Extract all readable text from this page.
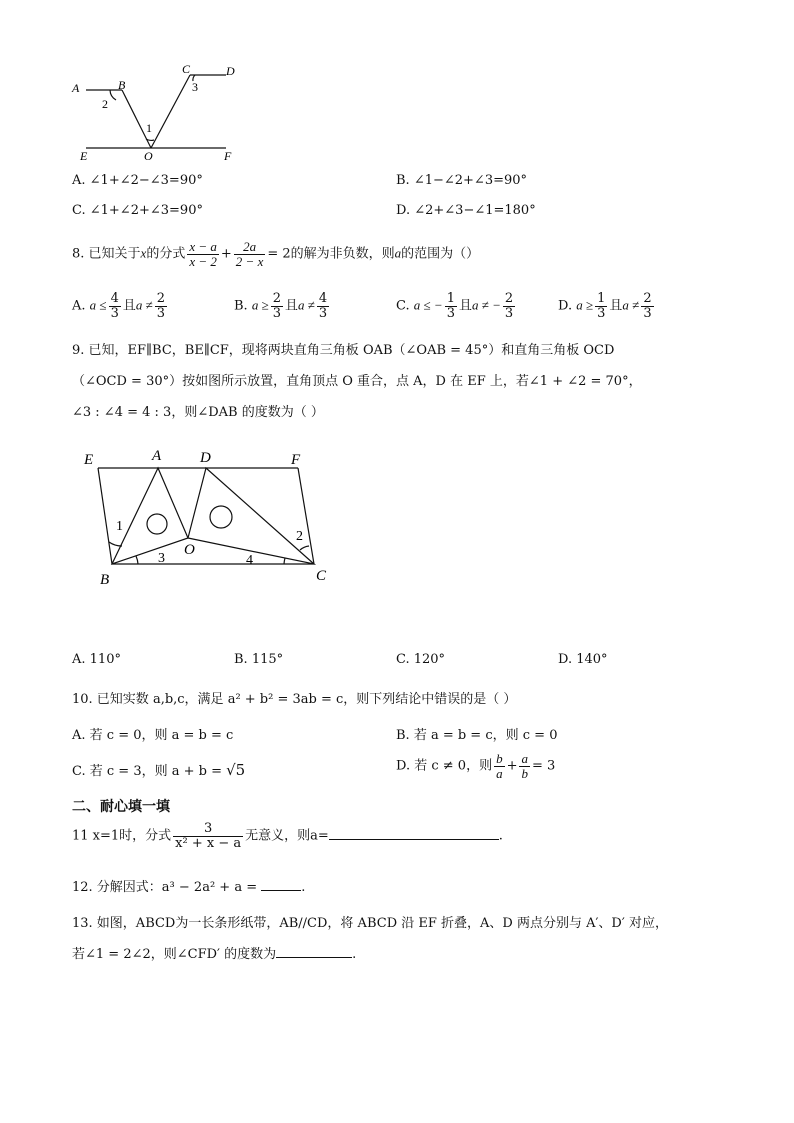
A	B
C	D
E	O	F
1
2
3
A. ∠1+∠2−∠3=90°	B. ∠1−∠2+∠3=90°
C. ∠1+∠2+∠3=90°	D. ∠2+∠3−∠1=180°
8. 已知关于x的分式 $\frac{x - a}{x - 2} + \frac{2a}{2 - x} = 2$的解为非负数，则a的范围为（）
A. $a \le \frac{4}{3}$ 且$a \ne \frac{2}{3}$	B. $a \ge \frac{2}{3}$ 且$a \ne \frac{4}{3}$	C. a ≤ − $\frac{1}{3}$ 且a ≠ − $\frac{2}{3}$	D. $a \ge \frac{1}{3}$ 且$a \ne \frac{2}{3}$
9. 已知，EF∥BC，BE∥CF，现将两块直角三角板 OAB（∠OAB = 45°）和直角三角板 OCD
（∠OCD = 30°）按如图所示放置，直角顶点 O 重合，点 A，D 在 EF 上，若∠1 + ∠2 = 70°，
∠3 : ∠4 = 4 : 3，则∠DAB 的度数为（ ）
E	A	D	F
B
O
C
1
2
3	4
A. 110°	B. 115°	C. 120°	D. 140°
10. 已知实数 a,b,c，满足 a² + b² = 3ab = c，则下列结论中错误的是（ ）
A. 若 c = 0，则 a = b = c	B. 若 a = b = c，则 c = 0
C. 若 c = 3，则 a + b = √5	D. 若 c ≠ 0，则 $\frac{b}{a} + \frac{a}{b} = 3$
二、耐心填一填
11 x=1时，分式 $\frac{3}{\text{x² + x − a}}$ 无意义，则a=	.
12. 分解因式：a³ − 2a² + a =	.
13. 如图，ABCD为一长条形纸带，AB//CD，将 ABCD 沿 EF 折叠，A、D 两点分别与 A′、D′ 对应，
若∠1 = 2∠2，则∠CFD′ 的度数为	.
